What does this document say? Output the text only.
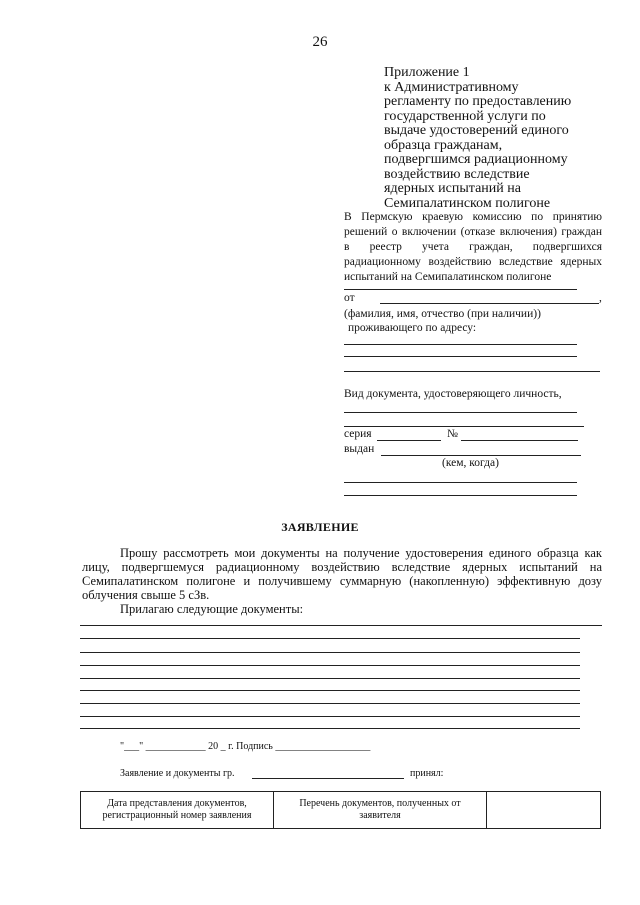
26
Приложение 1
к Административному
регламенту по предоставлению
государственной услуги по
выдаче удостоверений единого
образца гражданам,
подвергшимся радиационному
воздействию вследствие
ядерных испытаний на
Семипалатинском полигоне
В Пермскую краевую комиссию по принятию решений о включении (отказе включения) граждан в реестр учета граждан, подвергшихся радиационному воздействию вследствие ядерных испытаний на Семипалатинском полигоне
от	,
(фамилия, имя, отчество (при наличии))
проживающего по адресу:
Вид документа, удостоверяющего личность,
серия	№
выдан
(кем, когда)
ЗАЯВЛЕНИЕ

Прошу рассмотреть мои документы на получение удостоверения единого образца как лицу, подвергшемуся радиационному воздействию вследствие ядерных испытаний на Семипалатинском полигоне и получившему суммарную (накопленную) эффективную дозу облучения свыше 5 сЗв.

Прилагаю следующие документы:

"___" ____________ 20 _ г. Подпись ___________________
Заявление и документы гр.	принял:
Дата представления документов, регистрационный номер заявления	Перечень документов, полученных от заявителя	
